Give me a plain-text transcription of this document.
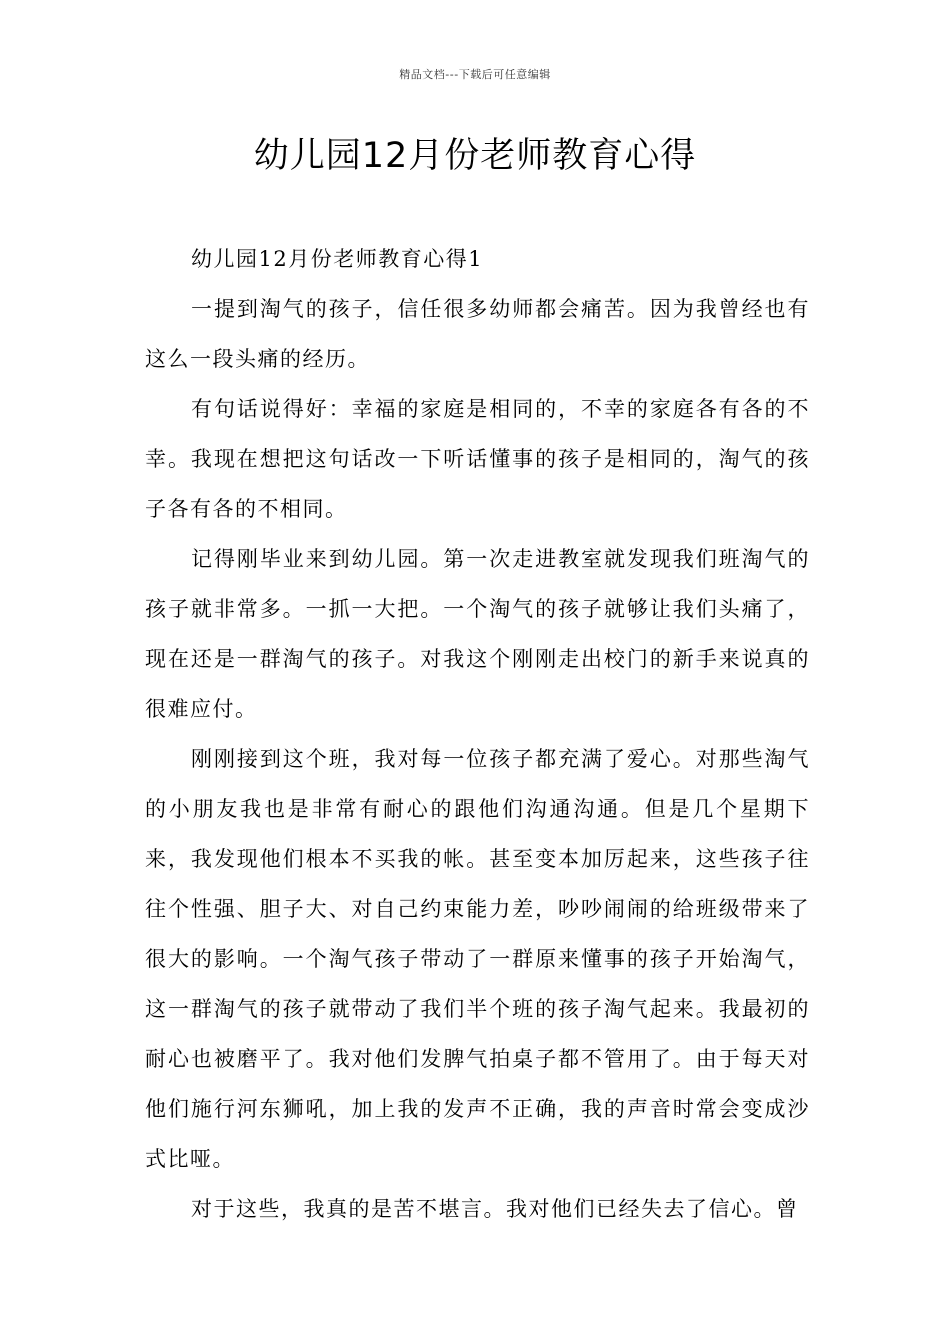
精品文档---下载后可任意编辑
幼儿园12月份老师教育心得

幼儿园12月份老师教育心得1

一提到淘气的孩子，信任很多幼师都会痛苦。因为我曾经也有这么一段头痛的经历。

有句话说得好：幸福的家庭是相同的，不幸的家庭各有各的不幸。我现在想把这句话改一下听话懂事的孩子是相同的，淘气的孩子各有各的不相同。

记得刚毕业来到幼儿园。第一次走进教室就发现我们班淘气的孩子就非常多。一抓一大把。一个淘气的孩子就够让我们头痛了，现在还是一群淘气的孩子。对我这个刚刚走出校门的新手来说真的很难应付。

刚刚接到这个班，我对每一位孩子都充满了爱心。对那些淘气的小朋友我也是非常有耐心的跟他们沟通沟通。但是几个星期下来，我发现他们根本不买我的帐。甚至变本加厉起来，这些孩子往往个性强、胆子大、对自己约束能力差，吵吵闹闹的给班级带来了很大的影响。一个淘气孩子带动了一群原来懂事的孩子开始淘气，这一群淘气的孩子就带动了我们半个班的孩子淘气起来。我最初的耐心也被磨平了。我对他们发脾气拍桌子都不管用了。由于每天对他们施行河东狮吼，加上我的发声不正确，我的声音时常会变成沙式比哑。

对于这些，我真的是苦不堪言。我对他们已经失去了信心。曾
